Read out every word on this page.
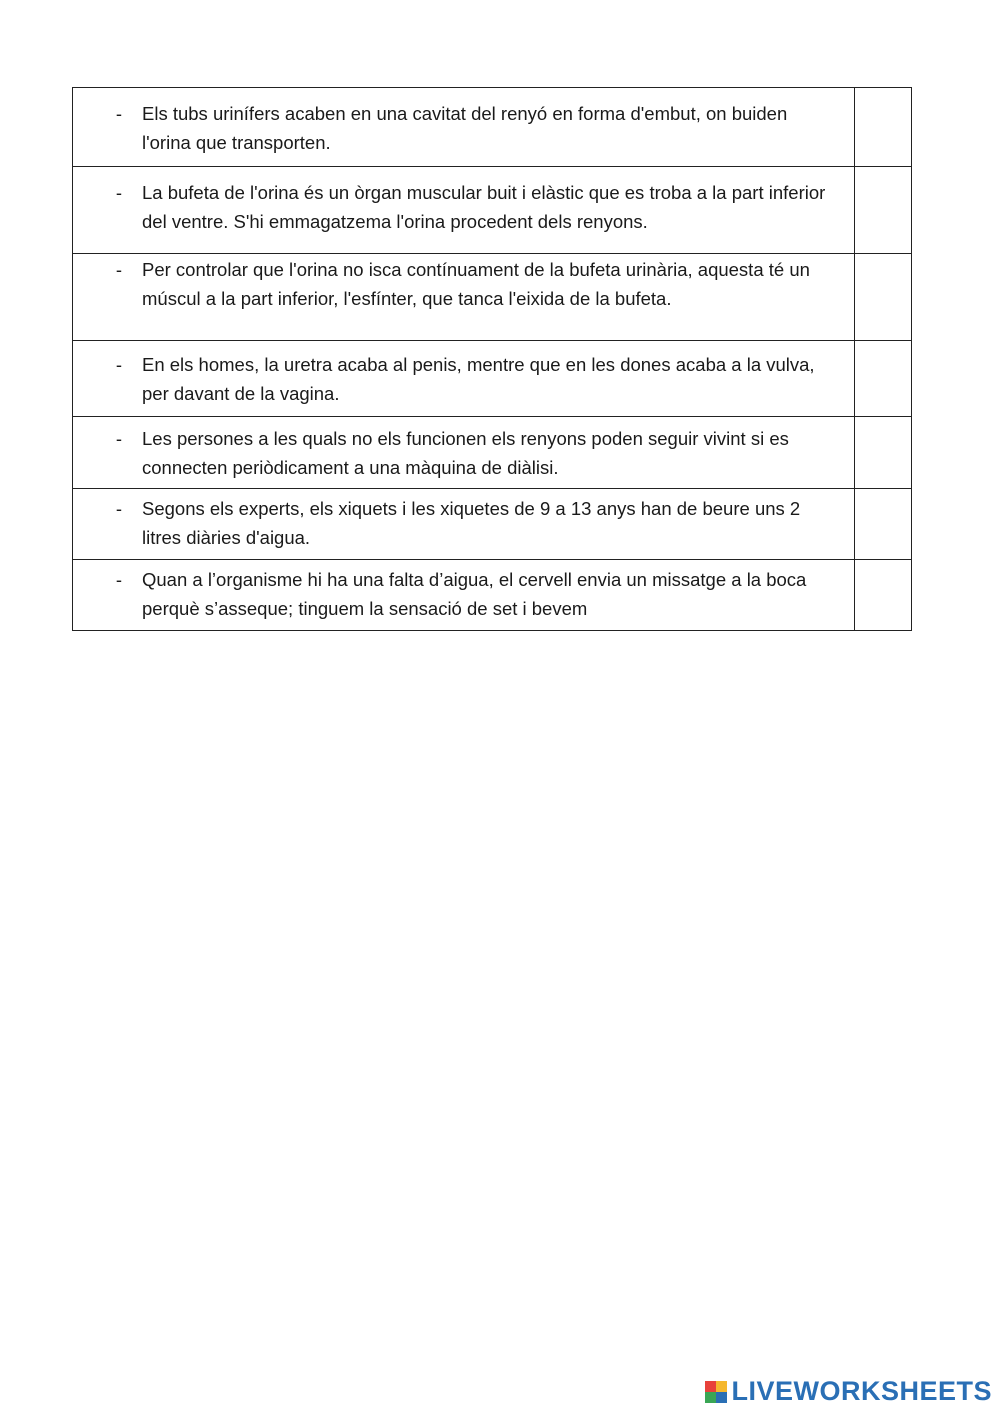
- Els tubs urinífers acaben en una cavitat del renyó en forma d'embut, on buiden l'orina que transporten.	

- La bufeta de l'orina és un òrgan muscular buit i elàstic que es troba a la part inferior del ventre. S'hi emmagatzema l'orina procedent dels renyons.	

- Per controlar que l'orina no isca contínuament de la bufeta urinària, aquesta té un múscul a la part inferior, l'esfínter, que tanca l'eixida de la bufeta.	

- En els homes, la uretra acaba al penis, mentre que en les dones acaba a la vulva, per davant de la vagina.	

- Les persones a les quals no els funcionen els renyons poden seguir vivint si es connecten periòdicament a una màquina de diàlisi.	

- Segons els experts, els xiquets i les xiquetes de 9 a 13 anys han de beure uns 2 litres diàries d'aigua.	

- Quan a l’organisme hi ha una falta d’aigua, el cervell envia un missatge a la boca perquè s’asseque; tinguem la sensació de set i bevem	

LIVEWORKSHEETS
